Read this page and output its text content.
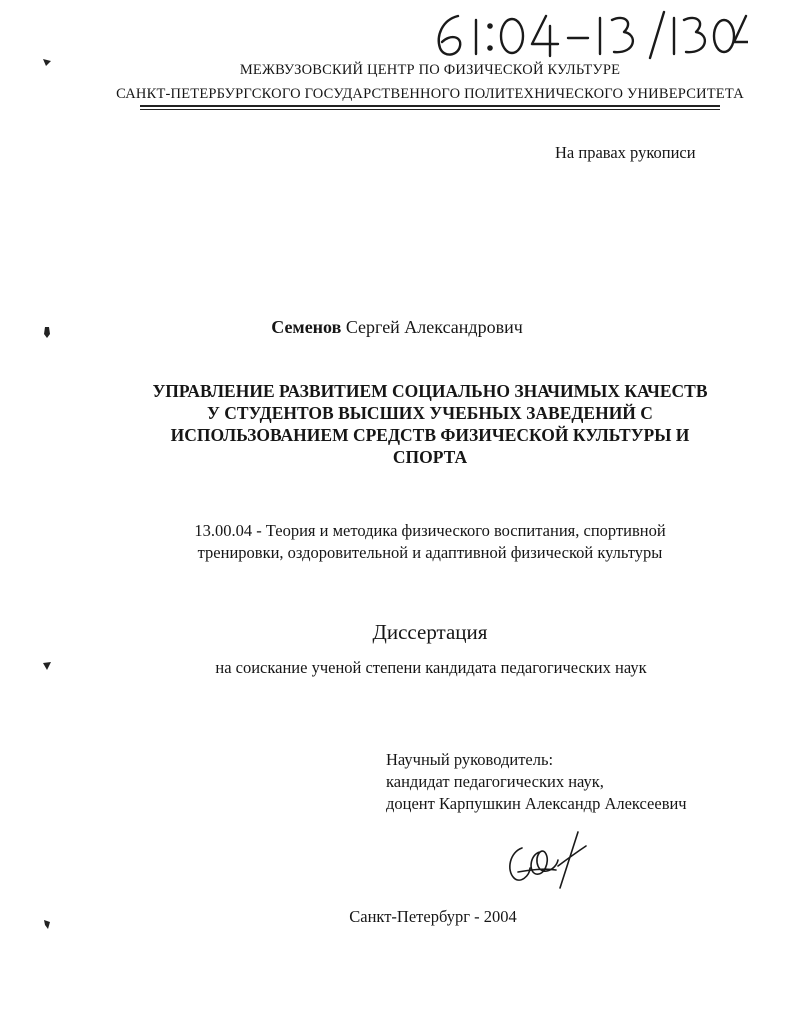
МЕЖВУЗОВСКИЙ ЦЕНТР ПО ФИЗИЧЕСКОЙ КУЛЬТУРЕ
САНКТ-ПЕТЕРБУРГСКОГО ГОСУДАРСТВЕННОГО ПОЛИТЕХНИЧЕСКОГО УНИВЕРСИТЕТА
На правах рукописи
Семенов Сергей Александрович
УПРАВЛЕНИЕ РАЗВИТИЕМ СОЦИАЛЬНО ЗНАЧИМЫХ КАЧЕСТВ
У СТУДЕНТОВ ВЫСШИХ УЧЕБНЫХ ЗАВЕДЕНИЙ С
ИСПОЛЬЗОВАНИЕМ СРЕДСТВ ФИЗИЧЕСКОЙ КУЛЬТУРЫ И
СПОРТА
13.00.04 - Теория и методика физического воспитания, спортивной
тренировки, оздоровительной и адаптивной физической культуры
Диссертация
на соискание ученой степени кандидата педагогических наук
Научный руководитель:
кандидат педагогических наук,
доцент Карпушкин Александр Алексеевич
Санкт-Петербург - 2004
